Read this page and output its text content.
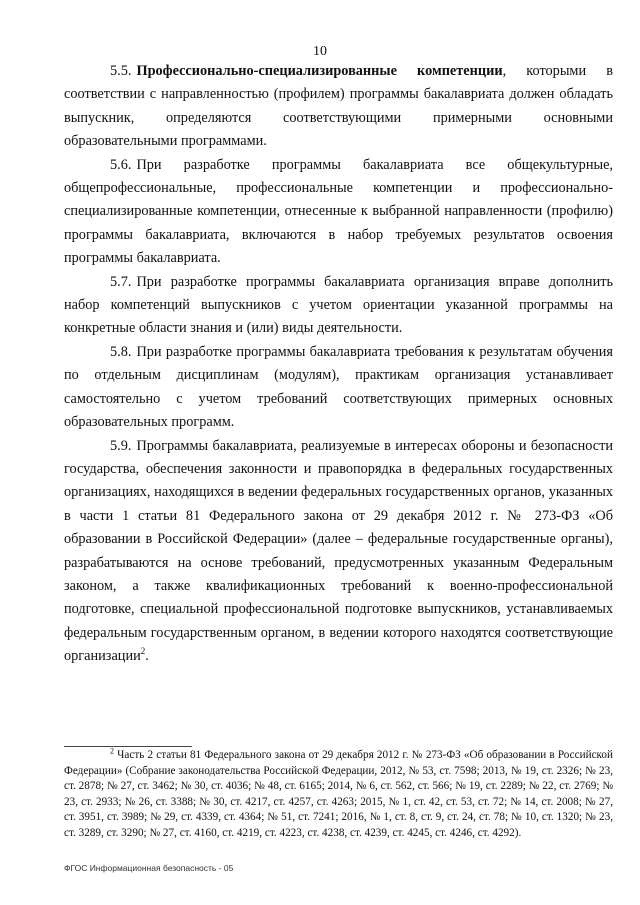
10

5.5. Профессионально-специализированные компетенции, которыми в соответствии с направленностью (профилем) программы бакалавриата должен обладать выпускник, определяются соответствующими примерными основными образовательными программами.

5.6. При разработке программы бакалавриата все общекультурные, общепрофессиональные, профессиональные компетенции и профессионально-специализированные компетенции, отнесенные к выбранной направленности (профилю) программы бакалавриата, включаются в набор требуемых результатов освоения программы бакалавриата.

5.7. При разработке программы бакалавриата организация вправе дополнить набор компетенций выпускников с учетом ориентации указанной программы на конкретные области знания и (или) виды деятельности.

5.8. При разработке программы бакалавриата требования к результатам обучения по отдельным дисциплинам (модулям), практикам организация устанавливает самостоятельно с учетом требований соответствующих примерных основных образовательных программ.

5.9. Программы бакалавриата, реализуемые в интересах обороны и безопасности государства, обеспечения законности и правопорядка в федеральных государственных организациях, находящихся в ведении федеральных государственных органов, указанных в части 1 статьи 81 Федерального закона от 29 декабря 2012 г. № 273-ФЗ «Об образовании в Российской Федерации» (далее – федеральные государственные органы), разрабатываются на основе требований, предусмотренных указанным Федеральным законом, а также квалификационных требований к военно-профессиональной подготовке, специальной профессиональной подготовке выпускников, устанавливаемых федеральным государственным органом, в ведении которого находятся соответствующие организации$^2$.

$^2$ Часть 2 статьи 81 Федерального закона от 29 декабря 2012 г. № 273-ФЗ «Об образовании в Российской Федерации» (Собрание законодательства Российской Федерации, 2012, № 53, ст. 7598; 2013, № 19, ст. 2326; № 23, ст. 2878; № 27, ст. 3462; № 30, ст. 4036; № 48, ст. 6165; 2014, № 6, ст. 562, ст. 566; № 19, ст. 2289; № 22, ст. 2769; № 23, ст. 2933; № 26, ст. 3388; № 30, ст. 4217, ст. 4257, ст. 4263; 2015, № 1, ст. 42, ст. 53, ст. 72; № 14, ст. 2008; № 27, ст. 3951, ст. 3989; № 29, ст. 4339, ст. 4364; № 51, ст. 7241; 2016, № 1, ст. 8, ст. 9, ст. 24, ст. 78; № 10, ст. 1320; № 23, ст. 3289, ст. 3290; № 27, ст. 4160, ст. 4219, ст. 4223, ст. 4238, ст. 4239, ст. 4245, ст. 4246, ст. 4292).
ФГОС Информационная безопасность - 05
